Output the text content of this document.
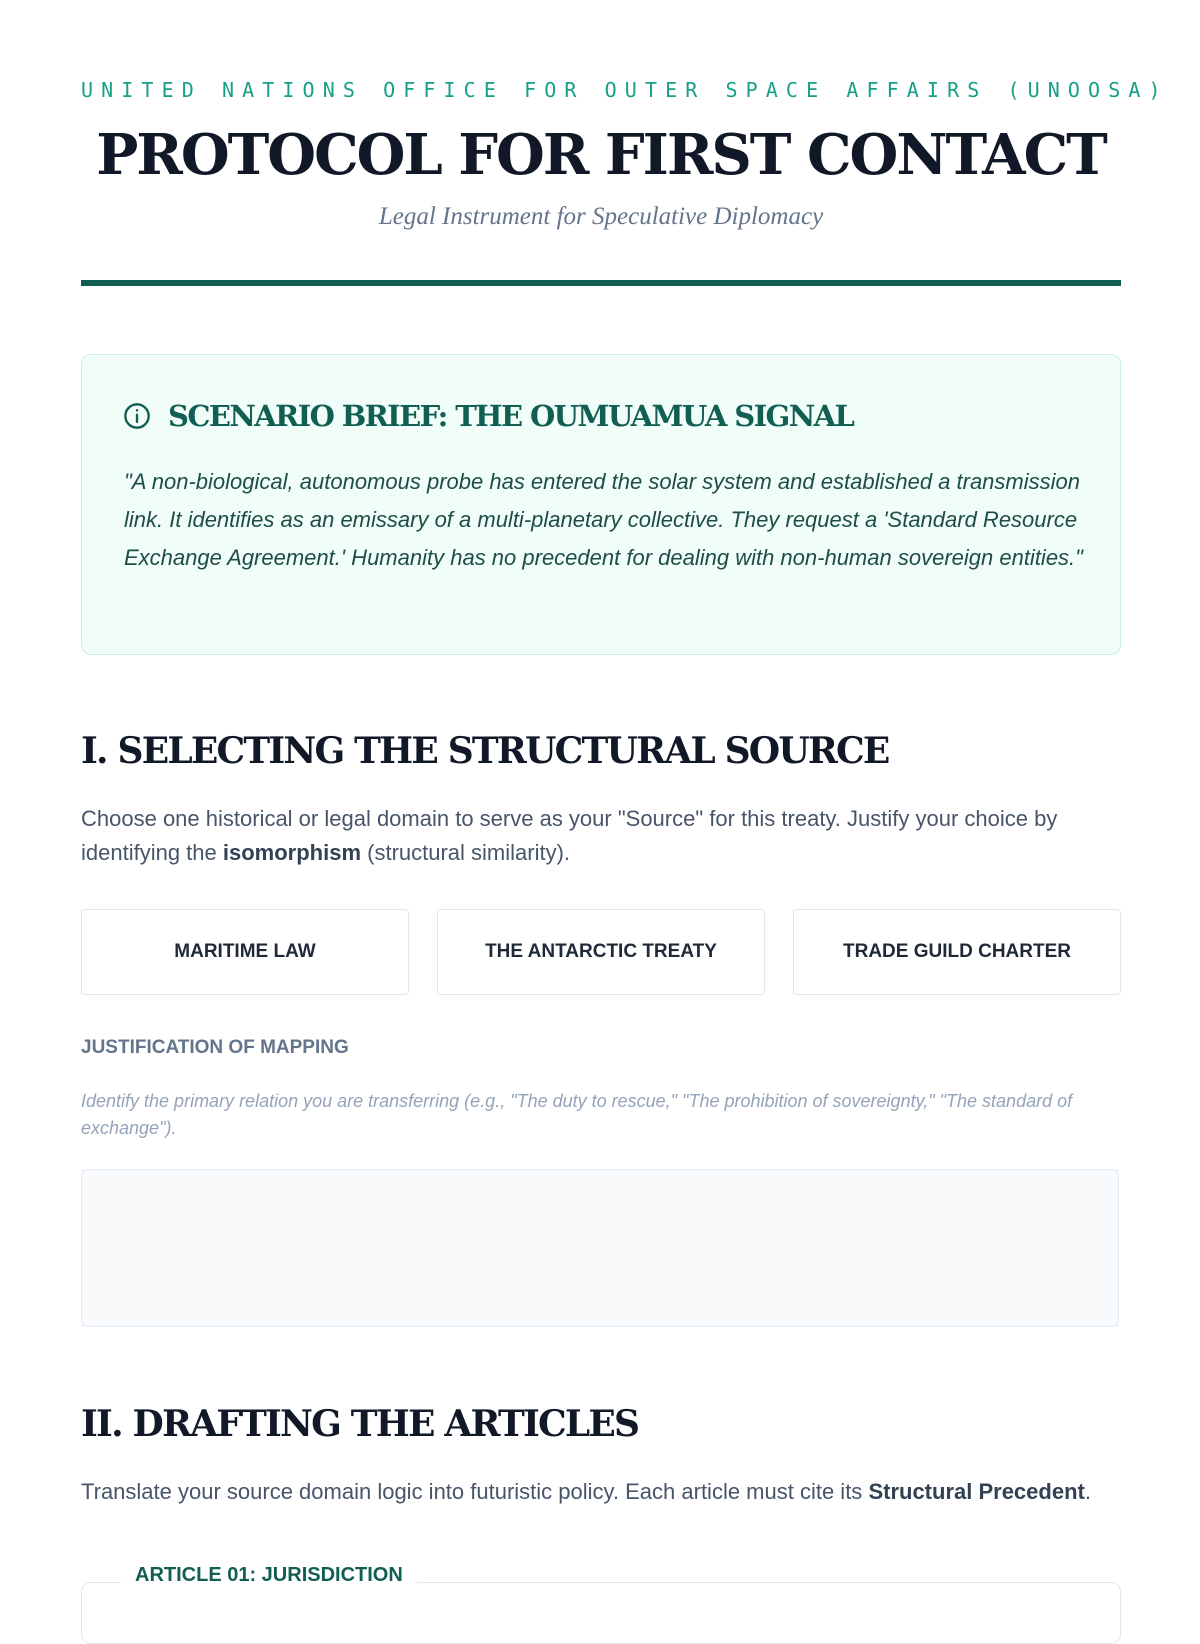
UNITED NATIONS OFFICE FOR OUTER SPACE AFFAIRS (UNOOSA)
PROTOCOL FOR FIRST CONTACT
Legal Instrument for Speculative Diplomacy
SCENARIO BRIEF: THE OUMUAMUA SIGNAL
"A non-biological, autonomous probe has entered the solar system and established a transmission link. It identifies as an emissary of a multi-planetary collective. They request a 'Standard Resource Exchange Agreement.' Humanity has no precedent for dealing with non-human sovereign entities."
I. SELECTING THE STRUCTURAL SOURCE
Choose one historical or legal domain to serve as your "Source" for this treaty. Justify your choice by identifying the isomorphism (structural similarity).
MARITIME LAW	THE ANTARCTIC TREATY	TRADE GUILD CHARTER
JUSTIFICATION OF MAPPING
Identify the primary relation you are transferring (e.g., "The duty to rescue," "The prohibition of sovereignty," "The standard of exchange").
II. DRAFTING THE ARTICLES
Translate your source domain logic into futuristic policy. Each article must cite its Structural Precedent.
ARTICLE 01: JURISDICTION
